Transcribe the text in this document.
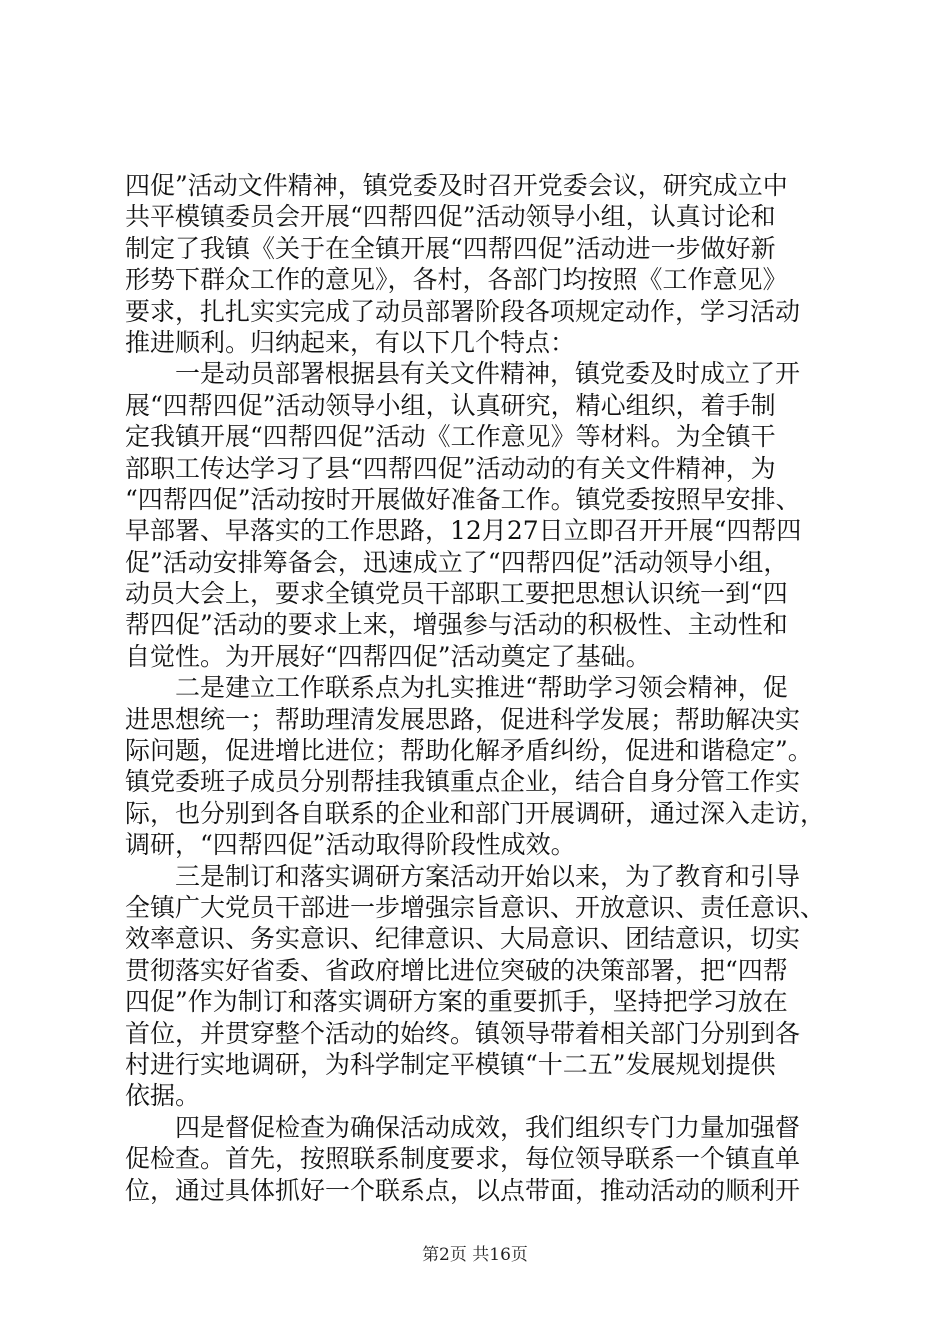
四促”活动文件精神，镇党委及时召开党委会议，研究成立中
共平模镇委员会开展“四帮四促”活动领导小组，认真讨论和
制定了我镇《关于在全镇开展“四帮四促”活动进一步做好新
形势下群众工作的意见》，各村，各部门均按照《工作意见》
要求，扎扎实实完成了动员部署阶段各项规定动作，学习活动
推进顺利。归纳起来，有以下几个特点：
　　一是动员部署根据县有关文件精神，镇党委及时成立了开
展“四帮四促”活动领导小组，认真研究，精心组织，着手制
定我镇开展“四帮四促”活动《工作意见》等材料。为全镇干
部职工传达学习了县“四帮四促”活动动的有关文件精神，为
“四帮四促”活动按时开展做好准备工作。镇党委按照早安排、
早部署、早落实的工作思路，12月27日立即召开开展“四帮四
促”活动安排筹备会，迅速成立了“四帮四促”活动领导小组，
动员大会上，要求全镇党员干部职工要把思想认识统一到“四
帮四促”活动的要求上来，增强参与活动的积极性、主动性和
自觉性。为开展好“四帮四促”活动奠定了基础。
　　二是建立工作联系点为扎实推进“帮助学习领会精神，促
进思想统一；帮助理清发展思路，促进科学发展；帮助解决实
际问题，促进增比进位；帮助化解矛盾纠纷，促进和谐稳定”。
镇党委班子成员分别帮挂我镇重点企业，结合自身分管工作实
际，也分别到各自联系的企业和部门开展调研，通过深入走访，
调研，“四帮四促”活动取得阶段性成效。
　　三是制订和落实调研方案活动开始以来，为了教育和引导
全镇广大党员干部进一步增强宗旨意识、开放意识、责任意识、
效率意识、务实意识、纪律意识、大局意识、团结意识，切实
贯彻落实好省委、省政府增比进位突破的决策部署，把“四帮
四促”作为制订和落实调研方案的重要抓手，坚持把学习放在
首位，并贯穿整个活动的始终。镇领导带着相关部门分别到各
村进行实地调研，为科学制定平模镇“十二五”发展规划提供
依据。
　　四是督促检查为确保活动成效，我们组织专门力量加强督
促检查。首先，按照联系制度要求，每位领导联系一个镇直单
位，通过具体抓好一个联系点，以点带面，推动活动的顺利开
第2页 共16页
